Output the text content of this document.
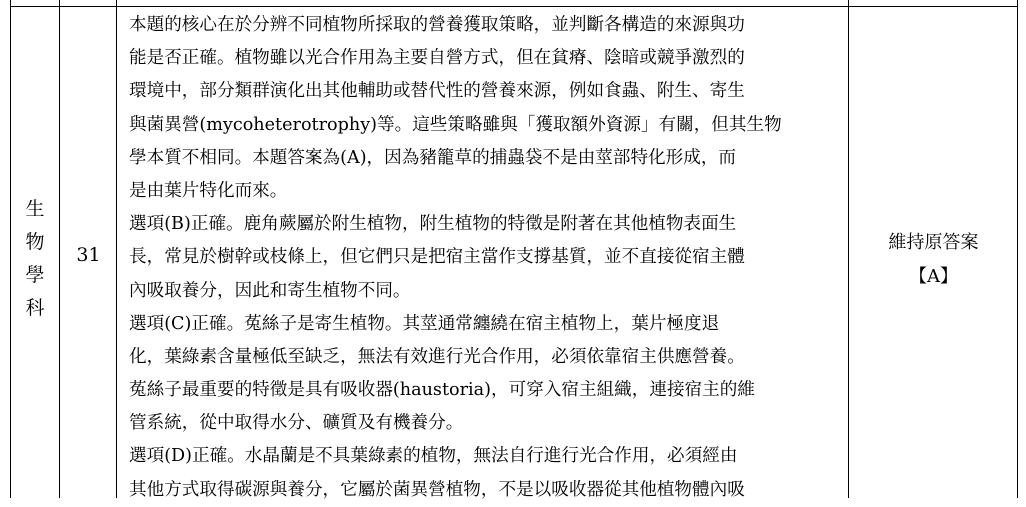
生
物
學
科
31
本題的核心在於分辨不同植物所採取的營養獲取策略，並判斷各構造的來源與功
能是否正確。植物雖以光合作用為主要自營方式，但在貧瘠、陰暗或競爭激烈的
環境中，部分類群演化出其他輔助或替代性的營養來源，例如食蟲、附生、寄生
與菌異營(mycoheterotrophy)等。這些策略雖與「獲取額外資源」有關，但其生物
學本質不相同。本題答案為(A)，因為豬籠草的捕蟲袋不是由莖部特化形成，而
是由葉片特化而來。
選項(B)正確。鹿角蕨屬於附生植物，附生植物的特徵是附著在其他植物表面生
長，常見於樹幹或枝條上，但它們只是把宿主當作支撐基質，並不直接從宿主體
內吸取養分，因此和寄生植物不同。
選項(C)正確。菟絲子是寄生植物。其莖通常纏繞在宿主植物上，葉片極度退
化，葉綠素含量極低至缺乏，無法有效進行光合作用，必須依靠宿主供應營養。
菟絲子最重要的特徵是具有吸收器(haustoria)，可穿入宿主組織，連接宿主的維
管系統，從中取得水分、礦質及有機養分。
選項(D)正確。水晶蘭是不具葉綠素的植物，無法自行進行光合作用，必須經由
其他方式取得碳源與養分，它屬於菌異營植物，不是以吸收器從其他植物體內吸
維持原答案
【A】
